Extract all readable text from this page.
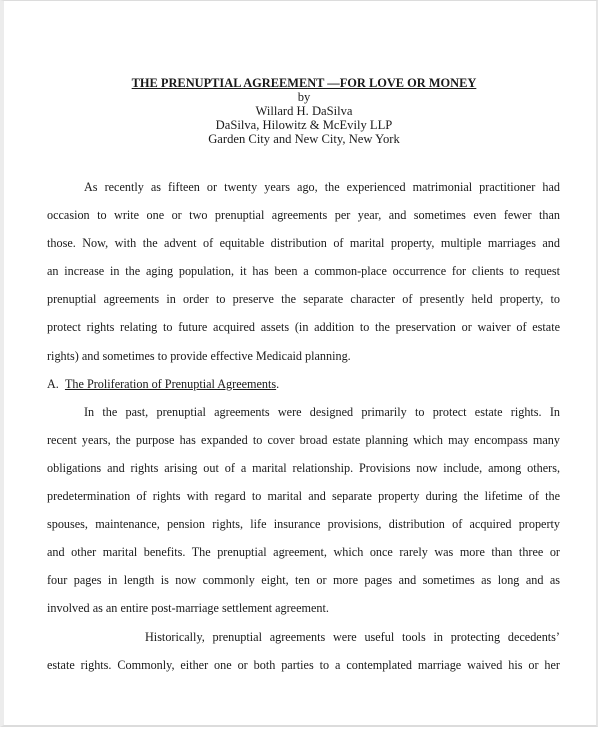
THE PRENUPTIAL AGREEMENT —FOR LOVE OR MONEY
by
Willard H. DaSilva
DaSilva, Hilowitz & McEvily LLP
Garden City and New City, New York

As recently as fifteen or twenty years ago, the experienced matrimonial practitioner had
occasion to write one or two prenuptial agreements per year, and sometimes even fewer than
those. Now, with the advent of equitable distribution of marital property, multiple marriages and
an increase in the aging population, it has been a common-place occurrence for clients to request
prenuptial agreements in order to preserve the separate character of presently held property, to
protect rights relating to future acquired assets (in addition to the preservation or waiver of estate
rights) and sometimes to provide effective Medicaid planning.

A. The Proliferation of Prenuptial Agreements.

In the past, prenuptial agreements were designed primarily to protect estate rights. In
recent years, the purpose has expanded to cover broad estate planning which may encompass many
obligations and rights arising out of a marital relationship. Provisions now include, among others,
predetermination of rights with regard to marital and separate property during the lifetime of the
spouses, maintenance, pension rights, life insurance provisions, distribution of acquired property
and other marital benefits. The prenuptial agreement, which once rarely was more than three or
four pages in length is now commonly eight, ten or more pages and sometimes as long and as
involved as an entire post-marriage settlement agreement.

Historically, prenuptial agreements were useful tools in protecting decedents’
estate rights. Commonly, either one or both parties to a contemplated marriage waived his or her
